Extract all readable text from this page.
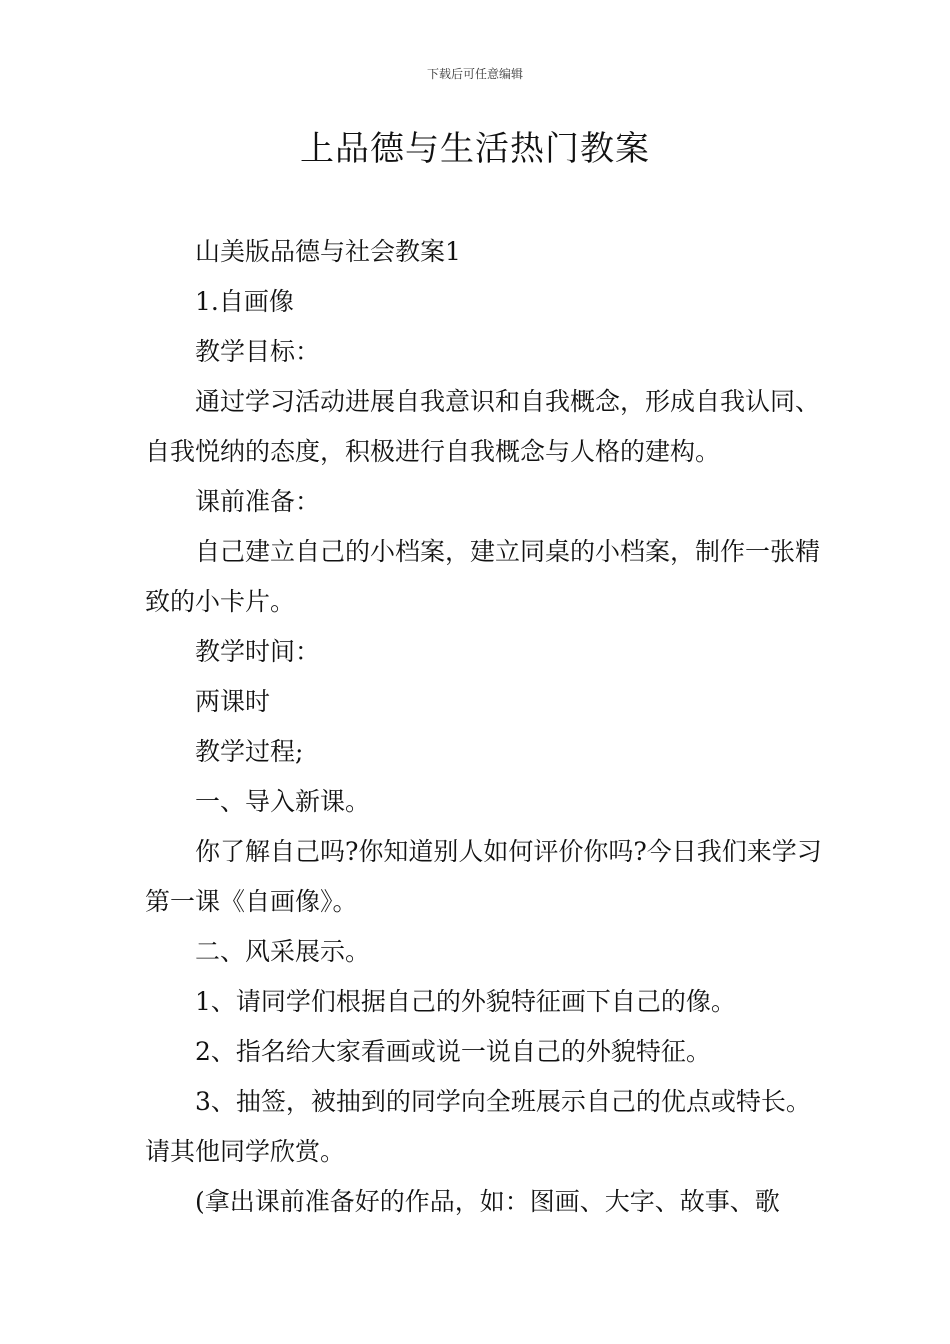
下载后可任意编辑
上品德与生活热门教案

山美版品德与社会教案1

1.自画像

教学目标：

通过学习活动进展自我意识和自我概念，形成自我认同、自我悦纳的态度，积极进行自我概念与人格的建构。

课前准备：

自己建立自己的小档案，建立同桌的小档案，制作一张精致的小卡片。

教学时间：

两课时

教学过程;

一、导入新课。

你了解自己吗?你知道别人如何评价你吗?今日我们来学习第一课《自画像》。

二、风采展示。

1、请同学们根据自己的外貌特征画下自己的像。

2、指名给大家看画或说一说自己的外貌特征。

3、抽签，被抽到的同学向全班展示自己的优点或特长。请其他同学欣赏。

(拿出课前准备好的作品，如：图画、大字、故事、歌
